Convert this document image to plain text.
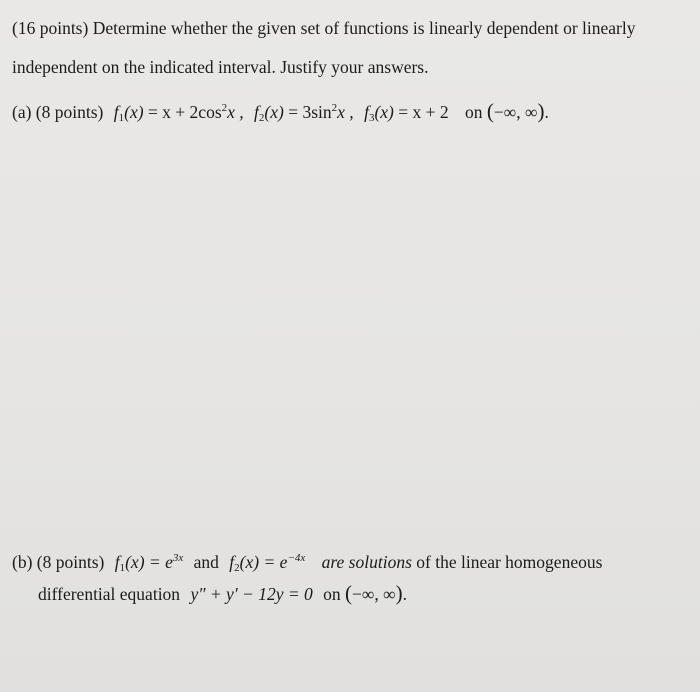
(16 points) Determine whether the given set of functions is linearly dependent or linearly
independent on the indicated interval. Justify your answers.
(a) (8 points) $f_1(x) = x + 2\cos^2x$ , $f_2(x) = 3\sin^2x$ , $f_3(x) = x + 2$ on (−∞, ∞).
(b) (8 points) $f_1(x) = e^{3x}$ and $f_2(x) = e^{-4x}$ are solutions of the linear homogeneous
differential equation y″ + y′ − 12y = 0 on (−∞, ∞).
